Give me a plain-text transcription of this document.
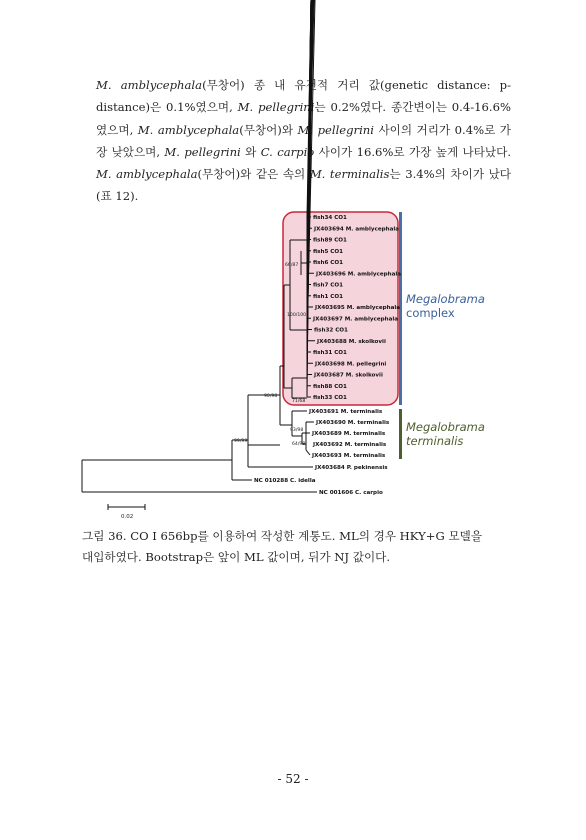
M. amblycephala(무창어) 종 내 유전적 거리 값(genetic distance: p-distance)은 0.1%였으며, M. pellegrini는 0.2%였다. 종간변이는 0.4-16.6%였으며, M. amblycephala(무창어)와 M. pellegrini 사이의 거리가 0.4%로 가장 낮았으며, M. pellegrini 와 C. carpio 사이가 16.6%로 가장 높게 나타났다. M. amblycephala(무창어)와 같은 속의 M. terminalis는 3.4%의 차이가 났다(표 12).
Megalobrama
complex
Megalobrama
terminalis
fish34 CO1
JX403694 M. amblycephala
fish89 CO1
fish5 CO1
fish6 CO1
JX403696 M. amblycephala
fish7 CO1
fish1 CO1
JX403695 M. amblycephala
JX403697 M. amblycephala
fish32 CO1
JX403688 M. skolkovii
fish31 CO1
JX403698 M. pellegrini
JX403687 M. skolkovii
fish88 CO1
fish33 CO1
JX403691 M. terminalis
JX403690 M. terminalis
JX403689 M. terminalis
JX403692 M. terminalis
JX403693 M. terminalis
JX403684 P. pekinensis
NC 010288 C. idella
NC 001606 C. carpio
66/87
100/100
71/68
90/98
99/99
93/98
64/98
0.02
그림 36. CO I 656bp를 이용하여 작성한 계통도. ML의 경우 HKY+G 모델을
대입하였다. Bootstrap은 앞이 ML 값이며, 뒤가 NJ 값이다.
- 52 -
